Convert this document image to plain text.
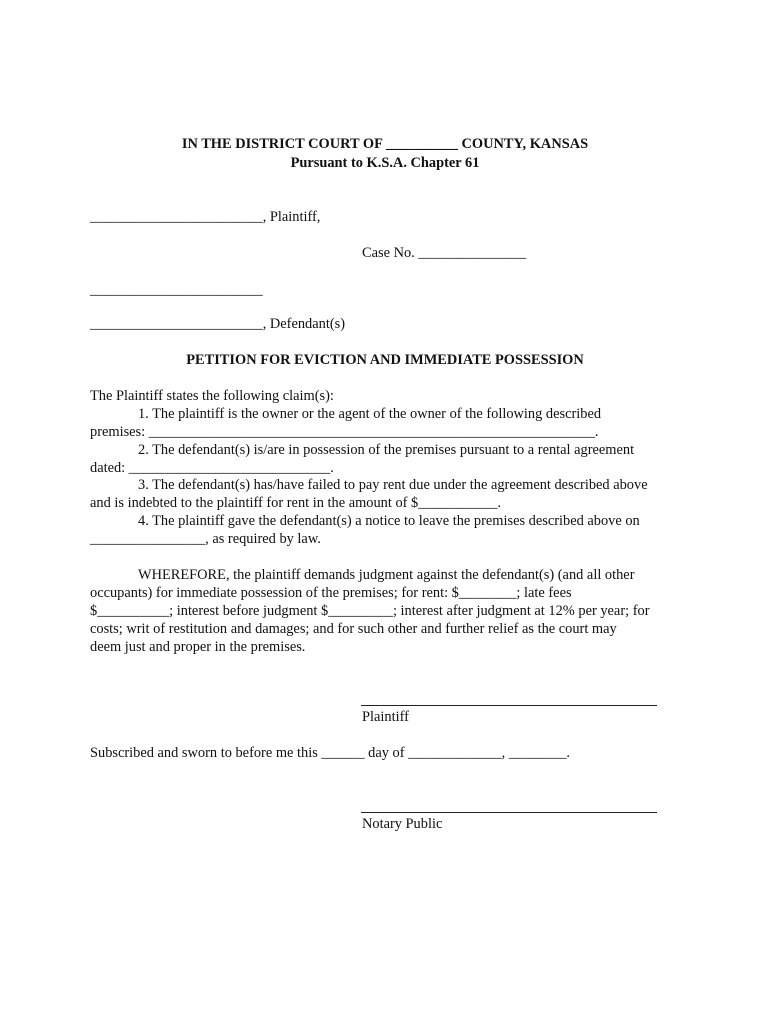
IN THE DISTRICT COURT OF __________ COUNTY, KANSAS
Pursuant to K.S.A. Chapter 61
________________________, Plaintiff,
Case No. _______________
________________________
________________________, Defendant(s)
PETITION FOR EVICTION AND IMMEDIATE POSSESSION
The Plaintiff states the following claim(s):
1. The plaintiff is the owner or the agent of the owner of the following described
premises: ______________________________________________________________.
2. The defendant(s) is/are in possession of the premises pursuant to a rental agreement
dated: ____________________________.
3. The defendant(s) has/have failed to pay rent due under the agreement described above
and is indebted to the plaintiff for rent in the amount of $___________.
4. The plaintiff gave the defendant(s) a notice to leave the premises described above on
________________, as required by law.
WHEREFORE, the plaintiff demands judgment against the defendant(s) (and all other
occupants) for immediate possession of the premises; for rent: $________; late fees
$__________; interest before judgment $_________; interest after judgment at 12% per year; for
costs; writ of restitution and damages; and for such other and further relief as the court may
deem just and proper in the premises.
Plaintiff
Subscribed and sworn to before me this ______ day of _____________, ________.
Notary Public
